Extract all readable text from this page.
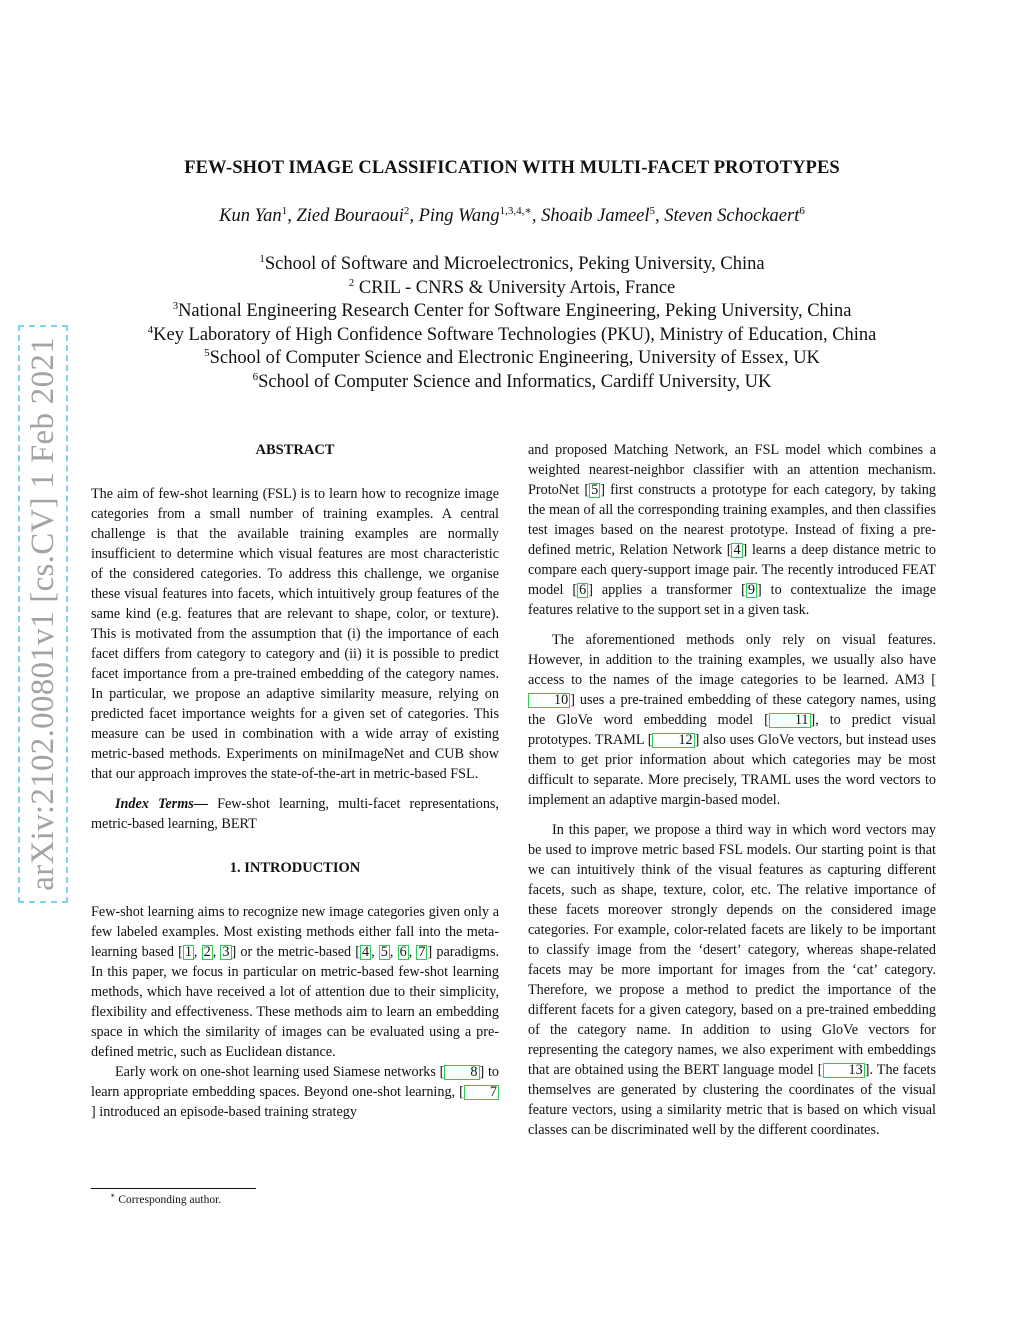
arXiv:2102.00801v1 [cs.CV] 1 Feb 2021
FEW-SHOT IMAGE CLASSIFICATION WITH MULTI-FACET PROTOTYPES
Kun Yan$^1$, Zied Bouraoui$^2$, Ping Wang$^{1,3,4,∗}$, Shoaib Jameel$^5$, Steven Schockaert$^6$
$^1$School of Software and Microelectronics, Peking University, China
$^2$ CRIL - CNRS & University Artois, France
$^3$National Engineering Research Center for Software Engineering, Peking University, China
$^4$Key Laboratory of High Confidence Software Technologies (PKU), Ministry of Education, China
$^5$School of Computer Science and Electronic Engineering, University of Essex, UK
$^6$School of Computer Science and Informatics, Cardiff University, UK

ABSTRACT

The aim of few-shot learning (FSL) is to learn how to recognize image categories from a small number of training examples. A central challenge is that the available training examples are normally insufficient to determine which visual features are most characteristic of the considered categories. To address this challenge, we organise these visual features into facets, which intuitively group features of the same kind (e.g. features that are relevant to shape, color, or texture). This is motivated from the assumption that (i) the importance of each facet differs from category to category and (ii) it is possible to predict facet importance from a pre-trained embedding of the category names. In particular, we propose an adaptive similarity measure, relying on predicted facet importance weights for a given set of categories. This measure can be used in combination with a wide array of existing metric-based methods. Experiments on miniImageNet and CUB show that our approach improves the state-of-the-art in metric-based FSL.

Index Terms— Few-shot learning, multi-facet representations, metric-based learning, BERT

1. INTRODUCTION

Few-shot learning aims to recognize new image categories given only a few labeled examples. Most existing methods either fall into the meta-learning based [ 1 , 2 , 3 ] or the metric-based [ 4 , 5 , 6 , 7 ] paradigms. In this paper, we focus in particular on metric-based few-shot learning methods, which have received a lot of attention due to their simplicity, flexibility and effectiveness. These methods aim to learn an embedding space in which the similarity of images can be evaluated using a pre-defined metric, such as Euclidean distance.

Early work on one-shot learning used Siamese networks [ 8 ] to learn appropriate embedding spaces. Beyond one-shot learning, [ 7] introduced an episode-based training strategy

and proposed Matching Network, an FSL model which combines a weighted nearest-neighbor classifier with an attention mechanism. ProtoNet [ 5 ] first constructs a prototype for each category, by taking the mean of all the corresponding training examples, and then classifies test images based on the nearest prototype. Instead of fixing a pre-defined metric, Relation Network [ 4 ] learns a deep distance metric to compare each query-support image pair. The recently introduced FEAT model [ 6 ] applies a transformer [ 9 ] to contextualize the image features relative to the support set in a given task.

The aforementioned methods only rely on visual features. However, in addition to the training examples, we usually also have access to the names of the image categories to be learned. AM3 [10 ] uses a pre-trained embedding of these category names, using the GloVe word embedding model [ 11 ], to predict visual prototypes. TRAML [ 12 ] also uses GloVe vectors, but instead uses them to get prior information about which categories may be most difficult to separate. More precisely, TRAML uses the word vectors to implement an adaptive margin-based model.

In this paper, we propose a third way in which word vectors may be used to improve metric based FSL models. Our starting point is that we can intuitively think of the visual features as capturing different facets, such as shape, texture, color, etc. The relative importance of these facets moreover strongly depends on the considered image categories. For example, color-related facets are likely to be important to classify image from the ‘desert’ category, whereas shape-related facets may be more important for images from the ‘cat’ category. Therefore, we propose a method to predict the importance of the different facets for a given category, based on a pre-trained embedding of the category name. In addition to using GloVe vectors for representing the category names, we also experiment with embeddings that are obtained using the BERT language model [ 13 ]. The facets themselves are generated by clustering the coordinates of the visual feature vectors, using a similarity metric that is based on which visual classes can be discriminated well by the different coordinates.

∗ Corresponding author.
